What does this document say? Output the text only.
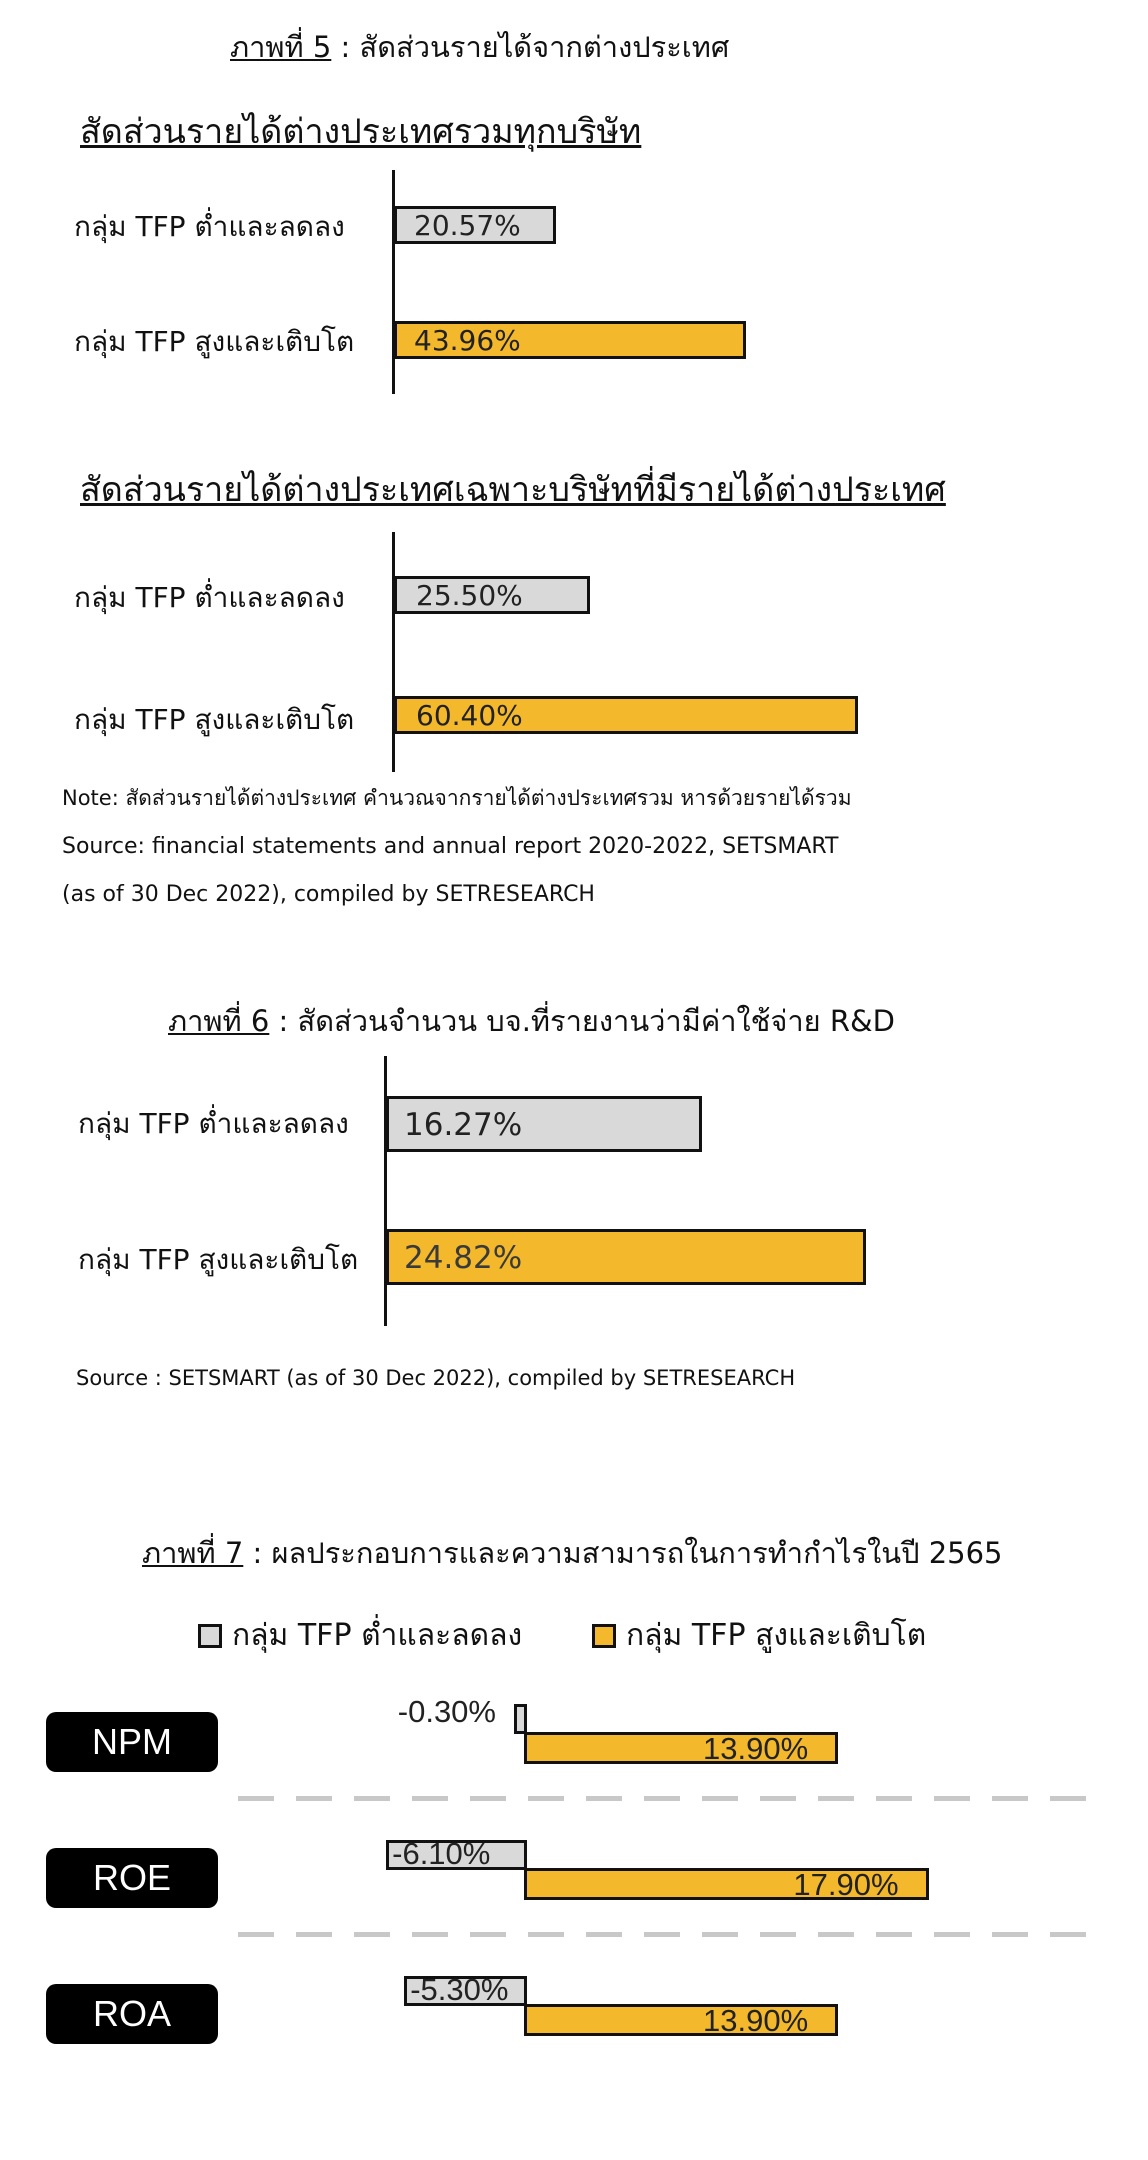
ภาพที่ 5 : สัดส่วนรายได้จากต่างประเทศ
สัดส่วนรายได้ต่างประเทศรวมทุกบริษัท
กลุ่ม TFP ต่ำและลดลง
กลุ่ม TFP สูงและเติบโต
20.57%
43.96%
สัดส่วนรายได้ต่างประเทศเฉพาะบริษัทที่มีรายได้ต่างประเทศ
กลุ่ม TFP ต่ำและลดลง
กลุ่ม TFP สูงและเติบโต
25.50%
60.40%
Note: สัดส่วนรายได้ต่างประเทศ คำนวณจากรายได้ต่างประเทศรวม หารด้วยรายได้รวม
Source: financial statements and annual report 2020-2022, SETSMART
(as of 30 Dec 2022), compiled by SETRESEARCH
ภาพที่ 6 : สัดส่วนจำนวน บจ.ที่รายงานว่ามีค่าใช้จ่าย R&D
กลุ่ม TFP ต่ำและลดลง
กลุ่ม TFP สูงและเติบโต
16.27%
24.82%
Source : SETSMART (as of 30 Dec 2022), compiled by SETRESEARCH
ภาพที่ 7 : ผลประกอบการและความสามารถในการทำกำไรในปี 2565
กลุ่ม TFP ต่ำและลดลง	กลุ่ม TFP สูงและเติบโต
NPM
ROE
ROA
-0.30%
13.90%
-6.10%
17.90%
-5.30%
13.90%
